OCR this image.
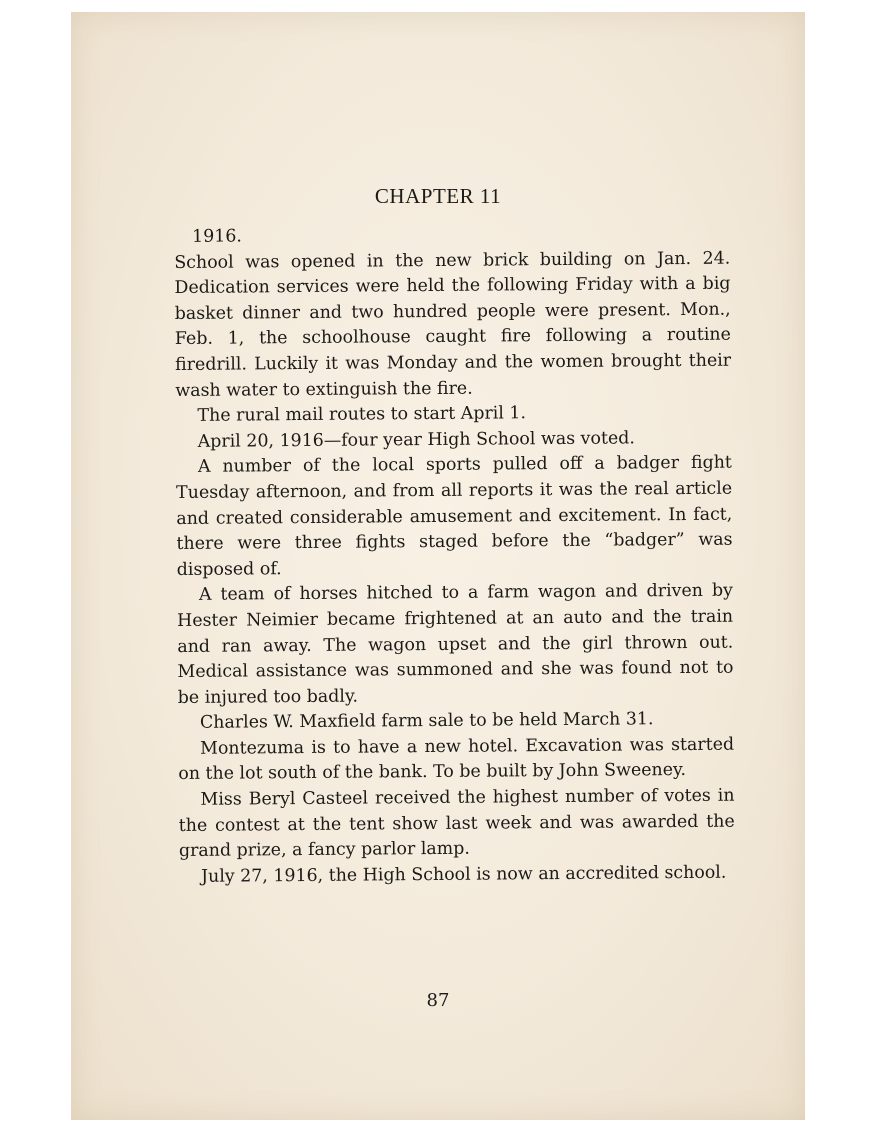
CHAPTER 11

1916.

School was opened in the new brick building on Jan. 24. Dedication services were held the following Friday with a big basket dinner and two hundred people were present. Mon., Feb. 1, the schoolhouse caught fire following a routine firedrill. Luckily it was Monday and the women brought their wash water to extinguish the fire.

The rural mail routes to start April 1.

April 20, 1916—four year High School was voted.

A number of the local sports pulled off a badger fight Tuesday afternoon, and from all reports it was the real article and created considerable amusement and excitement. In fact, there were three fights staged before the “badger” was disposed of.

A team of horses hitched to a farm wagon and driven by Hester Neimier became frightened at an auto and the train and ran away. The wagon upset and the girl thrown out. Medical assistance was summoned and she was found not to be injured too badly.

Charles W. Maxfield farm sale to be held March 31.

Montezuma is to have a new hotel. Excavation was started on the lot south of the bank. To be built by John Sweeney.

Miss Beryl Casteel received the highest number of votes in the contest at the tent show last week and was awarded the grand prize, a fancy parlor lamp.

July 27, 1916, the High School is now an accredited school.

87
